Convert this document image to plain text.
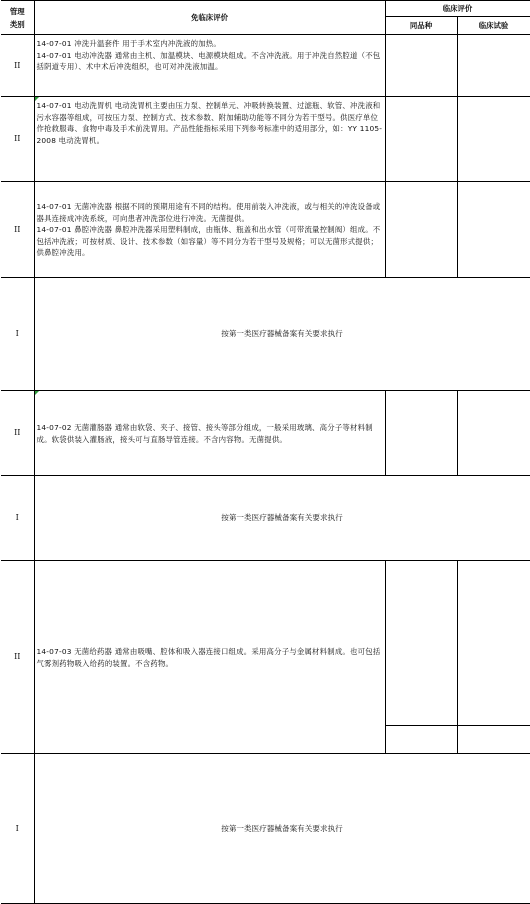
管理类别	免临床评价	临床评价	
		同品种	临床试验
II	14-07-01 冲洗升温套件 用于手术室内冲洗液的加热。

14-07-01 电动冲洗器 通常由主机、加温模块、电源模块组成。不含冲洗液。用于冲洗自然腔道（不包括阴道专用）、术中术后冲洗组织，也可对冲洗液加温。		

II	14-07-01 电动洗胃机 电动洗胃机主要由压力泵、控制单元、冲吸转换装置、过滤瓶、软管、冲洗液和污水容器等组成，可按压力泵、控制方式、技术参数、附加辅助功能等不同分为若干型号。供医疗单位作抢救服毒、食物中毒及手术前洗胃用。产品性能指标采用下列参考标准中的适用部分，如：YY 1105-2008 电动洗胃机。		

II	14-07-01 无菌冲洗器 根据不同的预期用途有不同的结构。使用前装入冲洗液，或与相关的冲洗设备或器具连接成冲洗系统，可向患者冲洗部位进行冲洗。无菌提供。

14-07-01 鼻腔冲洗器 鼻腔冲洗器采用塑料制成，由瓶体、瓶盖和出水管（可带流量控制阀）组成。不包括冲洗液；可按材质、设计、技术参数（如容量）等不同分为若干型号及规格；可以无菌形式提供；供鼻腔冲洗用。		

I	按第一类医疗器械备案有关要求执行		
II	14-07-02 无菌灌肠器 通常由软袋、夹子、接管、接头等部分组成，一般采用玻璃、高分子等材料制成。软袋供装入灌肠液，接头可与直肠导管连接。不含内容物。无菌提供。		

I	按第一类医疗器械备案有关要求执行		
II	14-07-03 无菌给药器 通常由吸嘴、腔体和吸入器连接口组成。采用高分子与金属材料制成。也可包括气雾剂药物吸入给药的装置。不含药物。		

I	按第一类医疗器械备案有关要求执行		
